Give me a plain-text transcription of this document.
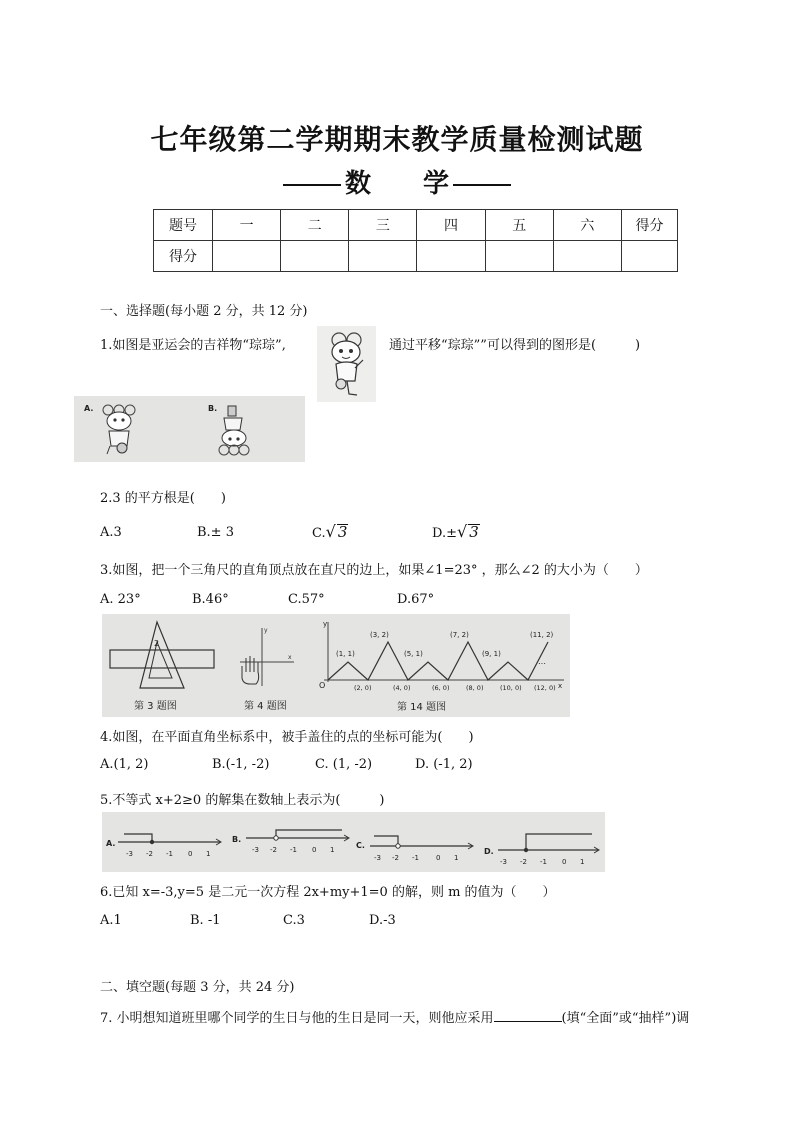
七年级第二学期期末教学质量检测试题
数　　学
题号	一	二	三	四	五	六	得分
得分							
一、选择题(每小题 2 分，共 12 分)
1.如图是亚运会的吉祥物“琮琮”,	通过平移“琮琮””可以得到的图形是(　　　)
A.	B.
2.3 的平方根是(　　)
A.3	B.± 3	C.√ 3	D.±√ 3
3.如图，把一个三角尺的直角顶点放在直尺的边上，如果∠1=23° ，那么∠2 的大小为（　　）
A. 23°	B.46°	C.57°	D.67°
2
第 3 题图
x
y
第 4 题图
O	x
y
…
(1, 1)
(3, 2)
(5, 1)
(7, 2)
(9, 1)
(11, 2)
(2, 0)	(4, 0)	(6, 0)	(8, 0)	(10, 0) (12, 0)
第 14 题图
4.如图，在平面直角坐标系中，被手盖住的点的坐标可能为(　　)
A.(1, 2)	B.(-1, -2)	C. (1, -2)	D. (-1, 2)
5.不等式 x+2≥0 的解集在数轴上表示为(　　　)
A.
-3 -2 -1 0 1
B.
-3 -2 -1 0 1	C.
-3 -2 -1 0 1
D.
-3 -2 -1 0 1
6.已知 x=-3,y=5 是二元一次方程 2x+my+1=0 的解，则 m 的值为（　　）
A.1	B. -1	C.3	D.-3
二、填空题(每题 3 分，共 24 分)
7. 小明想知道班里哪个同学的生日与他的生日是同一天，则他应采用	(填“全面”或“抽样”)调
